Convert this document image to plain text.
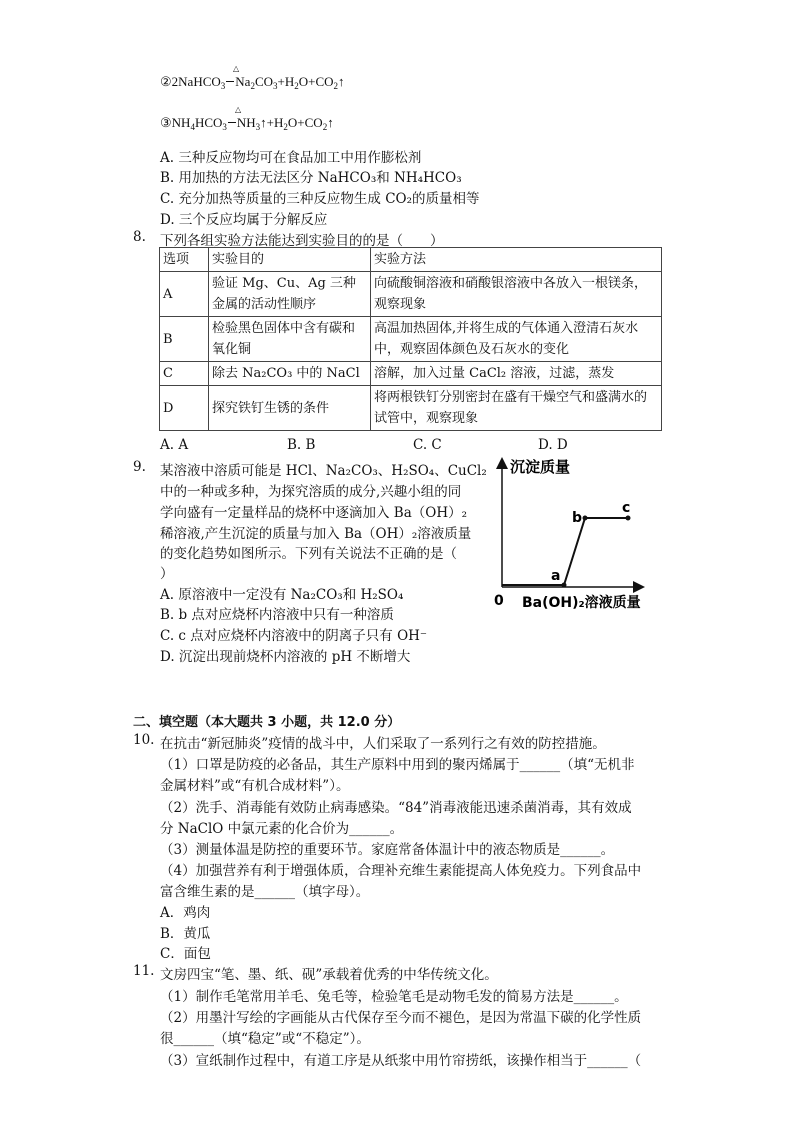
②2NaHCO$_3$ $Na_2CO_3+H_2O+CO_2↑$
△
$③NH_4HCO_3$ $NH_3↑+H_2O+CO_2↑$
△
A. 三种反应物均可在食品加工中用作膨松剂
B. 用加热的方法无法区分 NaHCO₃和 NH₄HCO₃
C. 充分加热等质量的三种反应物生成 CO₂的质量相等
D. 三个反应均属于分解反应
8. 下列各组实验方法能达到实验目的的是（　　）
选项	实验目的	实验方法
A	验证 Mg、Cu、Ag 三种金属的活动性顺序	向硫酸铜溶液和硝酸银溶液中各放入一根镁条，观察现象
B	检验黑色固体中含有碳和氧化铜	高温加热固体,并将生成的气体通入澄清石灰水中，观察固体颜色及石灰水的变化
C	除去 Na₂CO₃ 中的 NaCl	溶解，加入过量 CaCl₂ 溶液，过滤，蒸发
D	探究铁钉生锈的条件	将两根铁钉分别密封在盛有干燥空气和盛满水的试管中，观察现象
A. A	B. B	C. C	D. D
9. 某溶液中溶质可能是 HCl、Na₂CO₃、H₂SO₄、CuCl₂
中的一种或多种，为探究溶质的成分,兴趣小组的同
学向盛有一定量样品的烧杯中逐滴加入 Ba（OH）₂
稀溶液,产生沉淀的质量与加入 Ba（OH）₂溶液质量
的变化趋势如图所示。下列有关说法不正确的是（
）
A. 原溶液中一定没有 Na₂CO₃和 H₂SO₄
B. b 点对应烧杯内溶液中只有一种溶质
C. c 点对应烧杯内溶液中的阴离子只有 OH⁻
D. 沉淀出现前烧杯内溶液的 pH 不断增大
沉淀质量
Ba(OH)₂溶液质量
0
a
b
c
二、填空题（本大题共 3 小题，共 12.0 分）
10. 在抗击“新冠肺炎”疫情的战斗中，人们采取了一系列行之有效的防控措施。
（1）口罩是防疫的必备品，其生产原料中用到的聚丙烯属于______（填“无机非
金属材料”或“有机合成材料”）。
（2）洗手、消毒能有效防止病毒感染。“84”消毒液能迅速杀菌消毒，其有效成
分 NaClO 中氯元素的化合价为______。
（3）测量体温是防控的重要环节。家庭常备体温计中的液态物质是______。
（4）加强营养有利于增强体质，合理补充维生素能提高人体免疫力。下列食品中
富含维生素的是______（填字母）。
A．鸡肉
B．黄瓜
C．面包
11. 文房四宝“笔、墨、纸、砚”承载着优秀的中华传统文化。
（1）制作毛笔常用羊毛、兔毛等，检验笔毛是动物毛发的简易方法是______。
（2）用墨汁写绘的字画能从古代保存至今而不褪色，是因为常温下碳的化学性质
很______（填“稳定”或“不稳定”）。
（3）宣纸制作过程中，有道工序是从纸浆中用竹帘捞纸，该操作相当于______（
